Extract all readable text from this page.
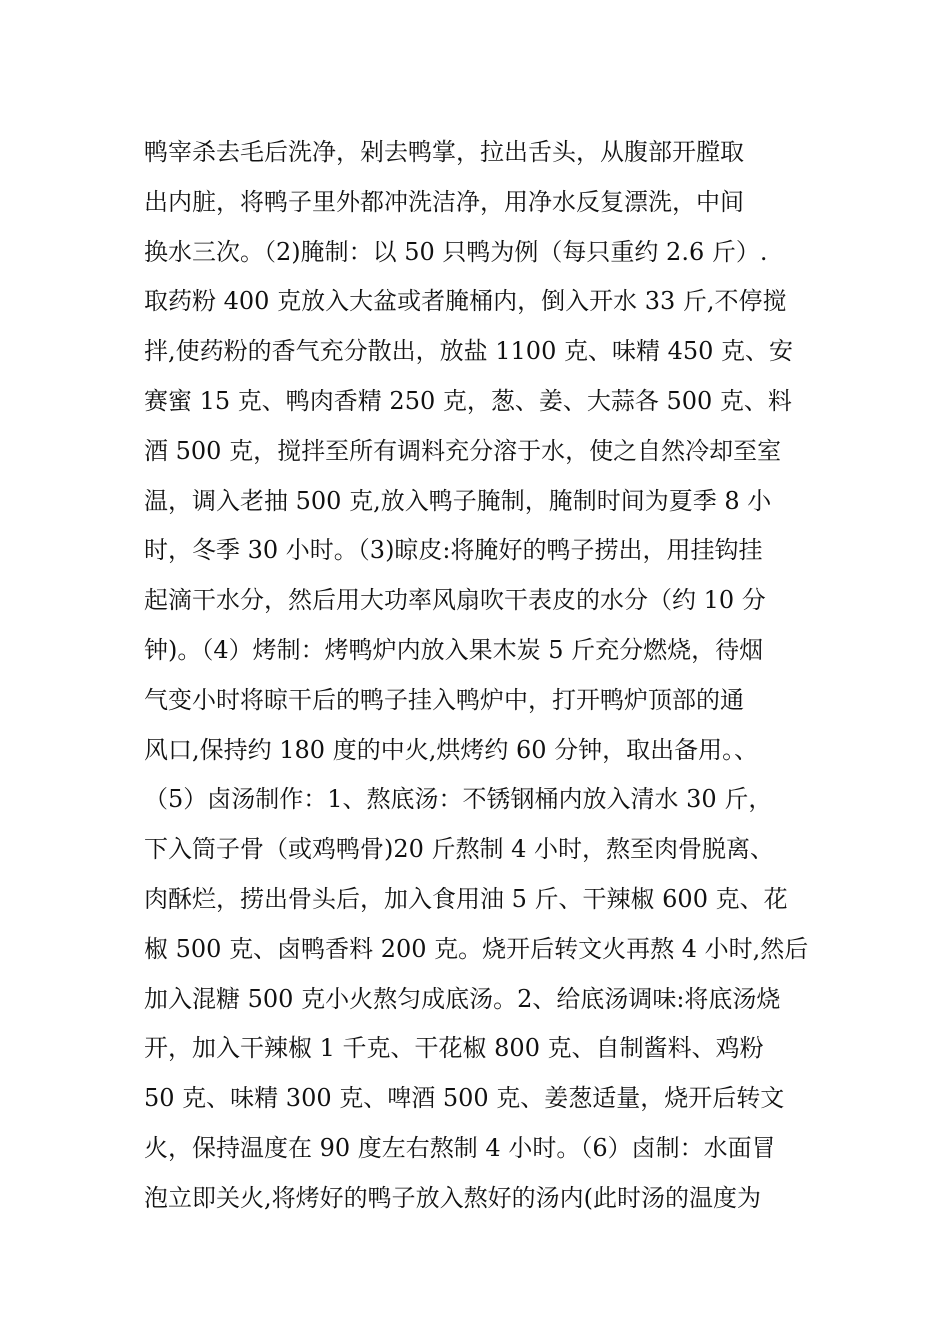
鸭宰杀去毛后洗净，剁去鸭掌，拉出舌头，从腹部开膛取
出内脏，将鸭子里外都冲洗洁净，用净水反复漂洗，中间
换水三次。（2)腌制：以 50 只鸭为例（每只重约 2.6 斤）.
取药粉 400 克放入大盆或者腌桶内，倒入开水 33 斤,不停搅
拌,使药粉的香气充分散出，放盐 1100 克、味精 450 克、安
赛蜜 15 克、鸭肉香精 250 克，葱、姜、大蒜各 500 克、料
酒 500 克，搅拌至所有调料充分溶于水，使之自然冷却至室
温，调入老抽 500 克,放入鸭子腌制，腌制时间为夏季 8 小
时，冬季 30 小时。（3)晾皮:将腌好的鸭子捞出，用挂钩挂
起滴干水分，然后用大功率风扇吹干表皮的水分（约 10 分
钟)。（4）烤制：烤鸭炉内放入果木炭 5 斤充分燃烧，待烟
气变小时将晾干后的鸭子挂入鸭炉中，打开鸭炉顶部的通
风口,保持约 180 度的中火,烘烤约 60 分钟，取出备用。、
（5）卤汤制作：1、熬底汤：不锈钢桶内放入清水 30 斤，
下入筒子骨（或鸡鸭骨)20 斤熬制 4 小时，熬至肉骨脱离、
肉酥烂，捞出骨头后，加入食用油 5 斤、干辣椒 600 克、花
椒 500 克、卤鸭香料 200 克。烧开后转文火再熬 4 小时,然后
加入混糖 500 克小火熬匀成底汤。2、给底汤调味:将底汤烧
开，加入干辣椒 1 千克、干花椒 800 克、自制酱料、鸡粉
50 克、味精 300 克、啤酒 500 克、姜葱适量，烧开后转文
火，保持温度在 90 度左右熬制 4 小时。（6）卤制：水面冒
泡立即关火,将烤好的鸭子放入熬好的汤内(此时汤的温度为
